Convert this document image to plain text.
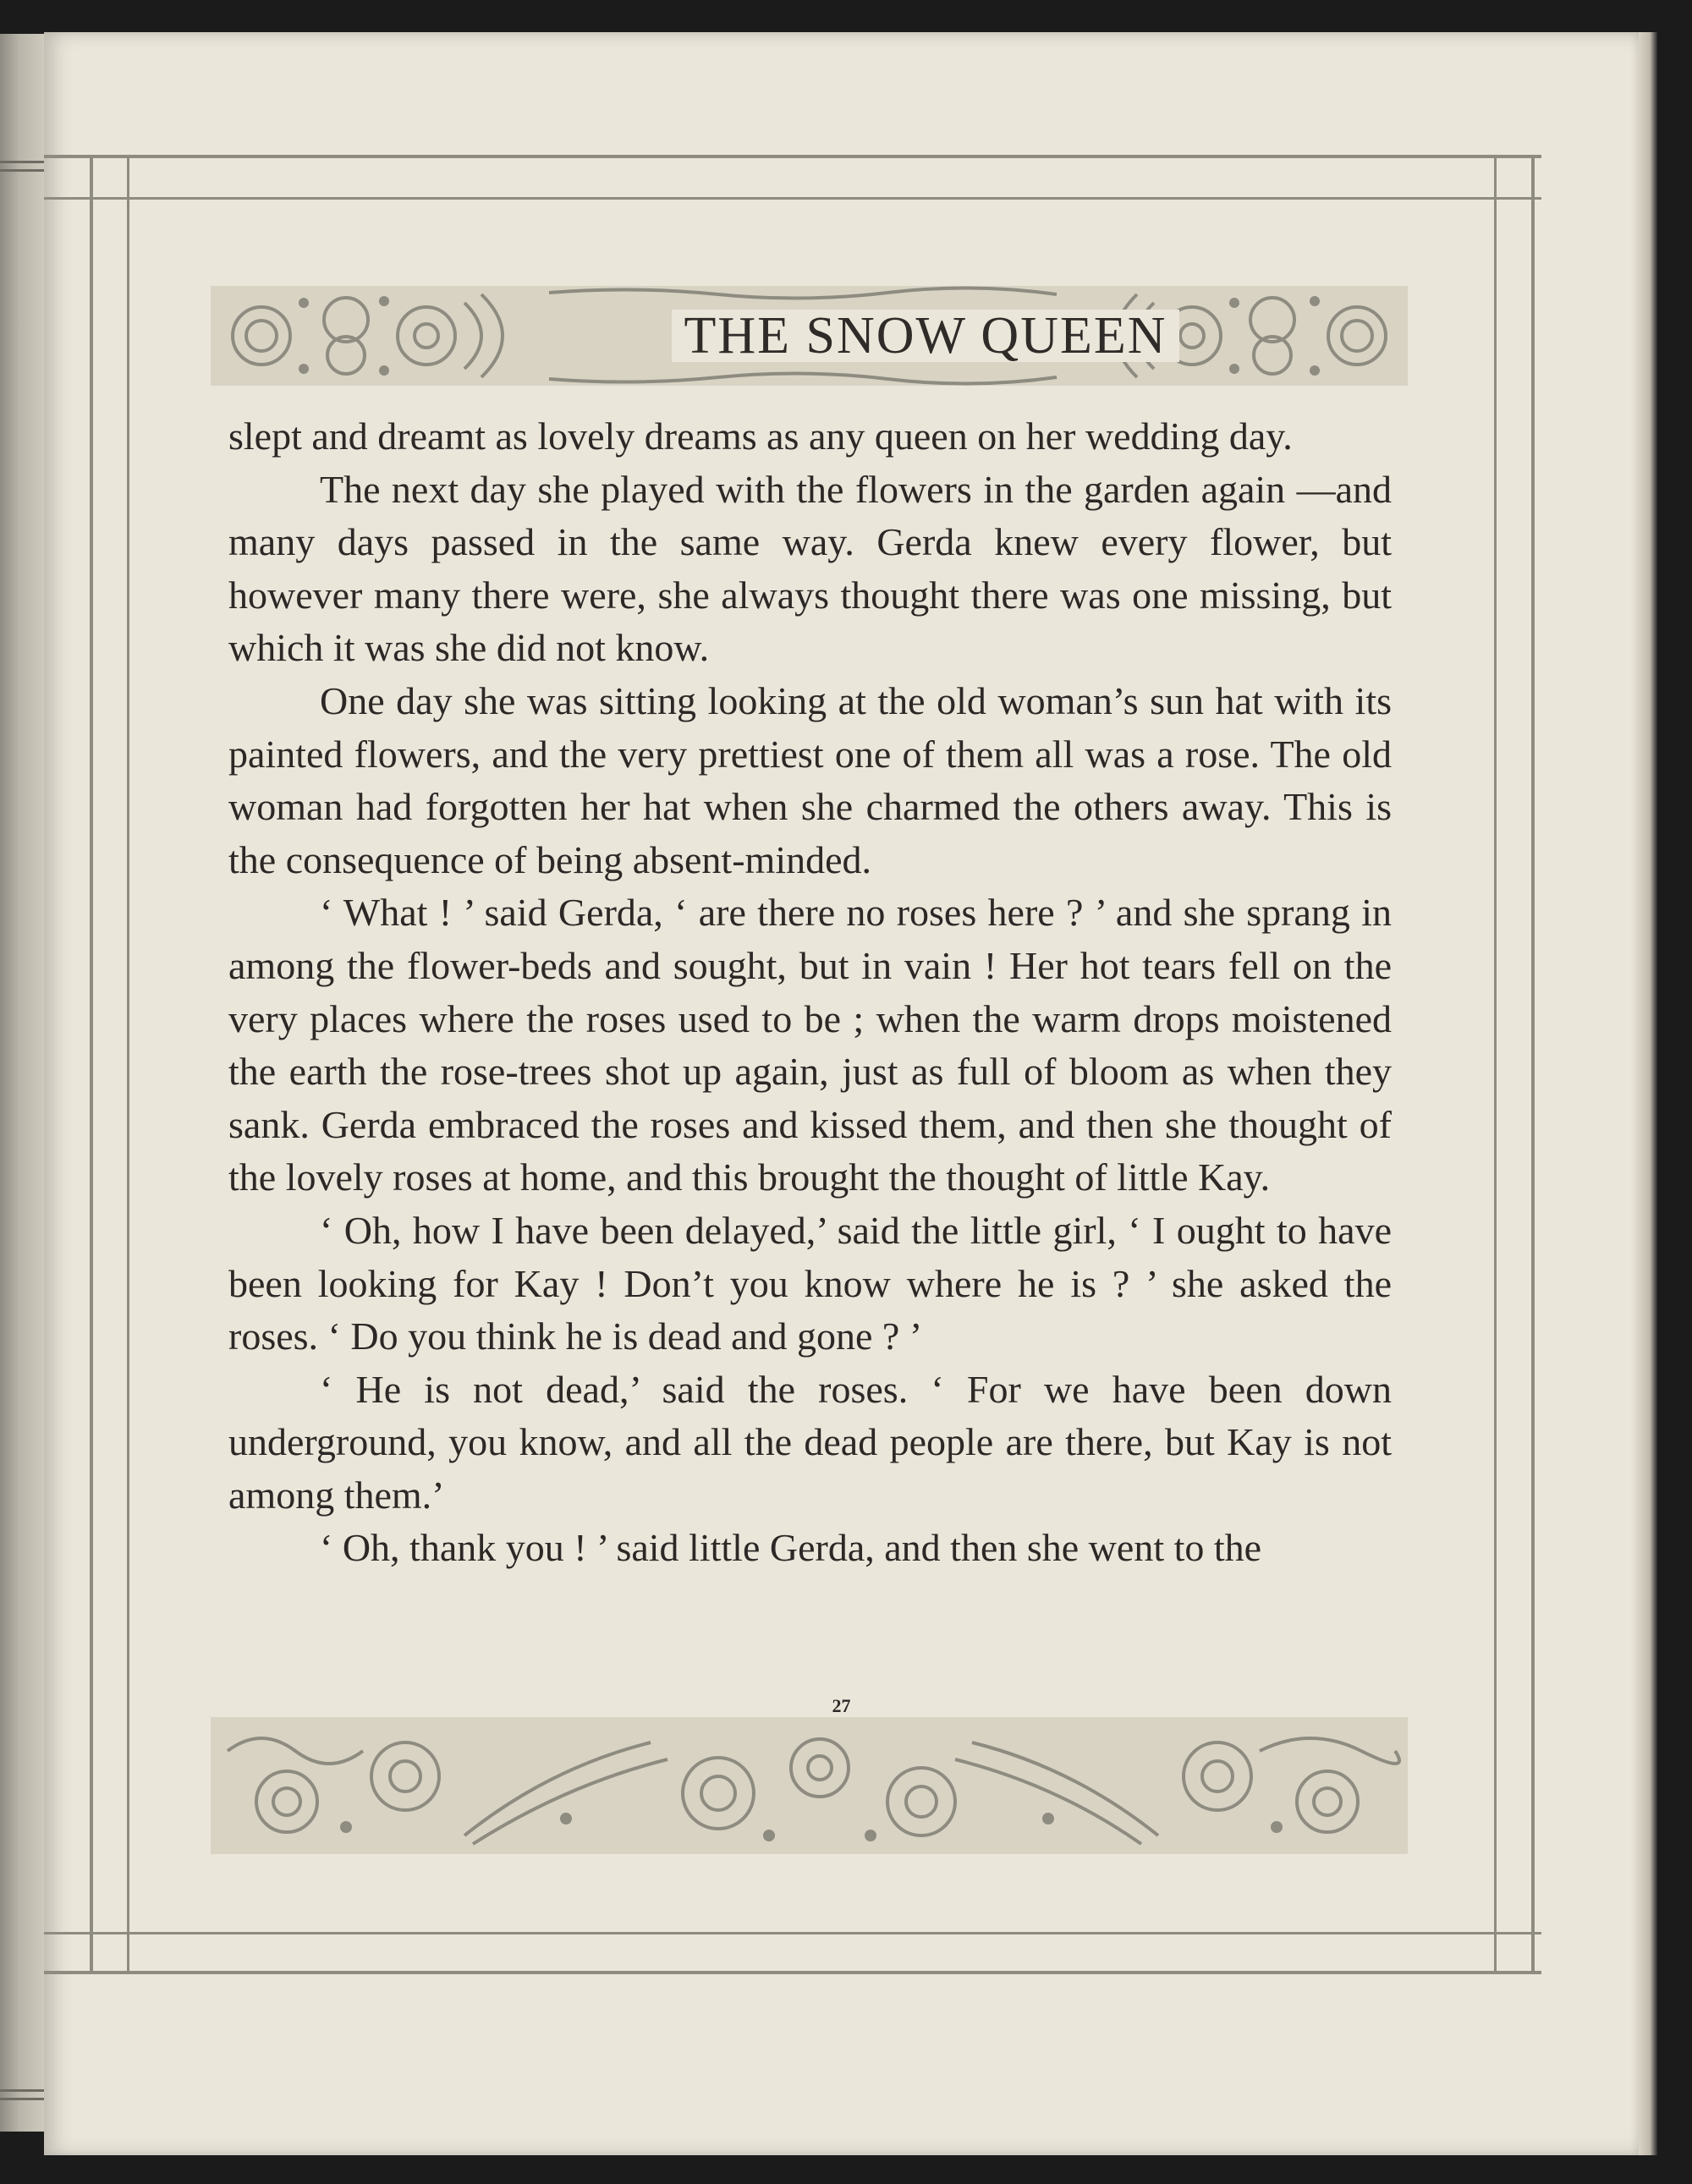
THE SNOW QUEEN

slept and dreamt as lovely dreams as any queen on her wedding day.

The next day she played with the flowers in the garden again —and many days passed in the same way. Gerda knew every flower, but however many there were, she always thought there was one missing, but which it was she did not know.

One day she was sitting looking at the old woman’s sun hat with its painted flowers, and the very prettiest one of them all was a rose. The old woman had forgotten her hat when she charmed the others away. This is the consequence of being absent-minded.

‘ What ! ’ said Gerda, ‘ are there no roses here ? ’ and she sprang in among the flower-beds and sought, but in vain ! Her hot tears fell on the very places where the roses used to be ; when the warm drops moistened the earth the rose-trees shot up again, just as full of bloom as when they sank. Gerda embraced the roses and kissed them, and then she thought of the lovely roses at home, and this brought the thought of little Kay.

‘ Oh, how I have been delayed,’ said the little girl, ‘ I ought to have been looking for Kay ! Don’t you know where he is ? ’ she asked the roses. ‘ Do you think he is dead and gone ? ’

‘ He is not dead,’ said the roses. ‘ For we have been down underground, you know, and all the dead people are there, but Kay is not among them.’

‘ Oh, thank you ! ’ said little Gerda, and then she went to the

27
